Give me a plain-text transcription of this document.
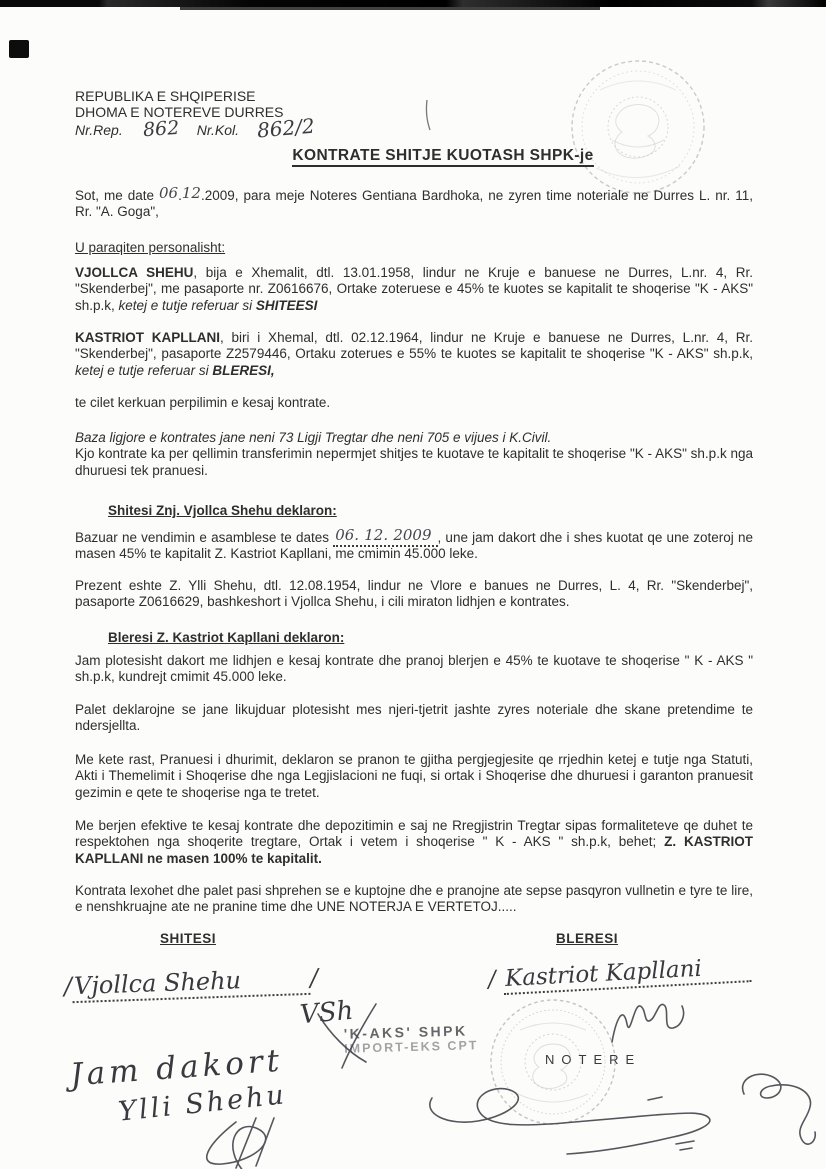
REPUBLIKA E SHQIPERISE

DHOMA E NOTEREVE DURRES

Nr.Rep. 862 Nr.Kol. 862/2

KONTRATE SHITJE KUOTASH SHPK-je

Sot, me date 06.12.2009, para meje Noteres Gentiana Bardhoka, ne zyren time noteriale ne Durres L. nr. 11, Rr. "A. Goga",

U paraqiten personalisht:

VJOLLCA SHEHU, bija e Xhemalit, dtl. 13.01.1958, lindur ne Kruje e banuese ne Durres, L.nr. 4, Rr. "Skenderbej", me pasaporte nr. Z0616676, Ortake zoteruese e 45% te kuotes se kapitalit te shoqerise "K - AKS" sh.p.k, ketej e tutje referuar si SHITEESI

KASTRIOT KAPLLANI, biri i Xhemal, dtl. 02.12.1964, lindur ne Kruje e banuese ne Durres, L.nr. 4, Rr. "Skenderbej", pasaporte Z2579446, Ortaku zoterues e 55% te kuotes se kapitalit te shoqerise "K - AKS" sh.p.k, ketej e tutje referuar si BLERESI,

te cilet kerkuan perpilimin e kesaj kontrate.

Baza ligjore e kontrates jane neni 73 Ligji Tregtar dhe neni 705 e vijues i K.Civil.
Kjo kontrate ka per qellimin transferimin nepermjet shitjes te kuotave te kapitalit te shoqerise "K - AKS" sh.p.k nga dhuruesi tek pranuesi.

Shitesi Znj. Vjollca Shehu deklaron:

Bazuar ne vendimin e asamblese te dates 06. 12. 2009 , une jam dakort dhe i shes kuotat qe une zoteroj ne masen 45% te kapitalit Z. Kastriot Kapllani, me cmimin 45.000 leke.

Prezent eshte Z. Ylli Shehu, dtl. 12.08.1954, lindur ne Vlore e banues ne Durres, L. 4, Rr. "Skenderbej", pasaporte Z0616629, bashkeshort i Vjollca Shehu, i cili miraton lidhjen e kontrates.

Bleresi Z. Kastriot Kapllani deklaron:

Jam plotesisht dakort me lidhjen e kesaj kontrate dhe pranoj blerjen e 45% te kuotave te shoqerise " K - AKS " sh.p.k, kundrejt cmimit 45.000 leke.

Palet deklarojne se jane likujduar plotesisht mes njeri-tjetrit jashte zyres noteriale dhe skane pretendime te ndersjellta.

Me kete rast, Pranuesi i dhurimit, deklaron se pranon te gjitha pergjegjesite qe rrjedhin ketej e tutje nga Statuti, Akti i Themelimit i Shoqerise dhe nga Legjislacioni ne fuqi, si ortak i Shoqerise dhe dhuruesi i garanton pranuesit gezimin e qete te shoqerise nga te tretet.

Me berjen efektive te kesaj kontrate dhe depozitimin e saj ne Rregjistrin Tregtar sipas formaliteteve qe duhet te respektohen nga shoqerite tregtare, Ortak i vetem i shoqerise " K - AKS " sh.p.k, behet; Z. KASTRIOT KAPLLANI ne masen 100% te kapitalit.

Kontrata lexohet dhe palet pasi shprehen se e kuptojne dhe e pranojne ate sepse pasqyron vullnetin e tyre te lire, e nenshkruajne ate ne pranine time dhe UNE NOTERJA E VERTETOJ.....

SHITESI	BLERESI
/Vjollca Shehu	/
VSh
Jam dakort
Ylli Shehu
/ Kastriot Kapllani
'K-AKS' SHPK
IMPORT-EKS CPT
NOTERE
